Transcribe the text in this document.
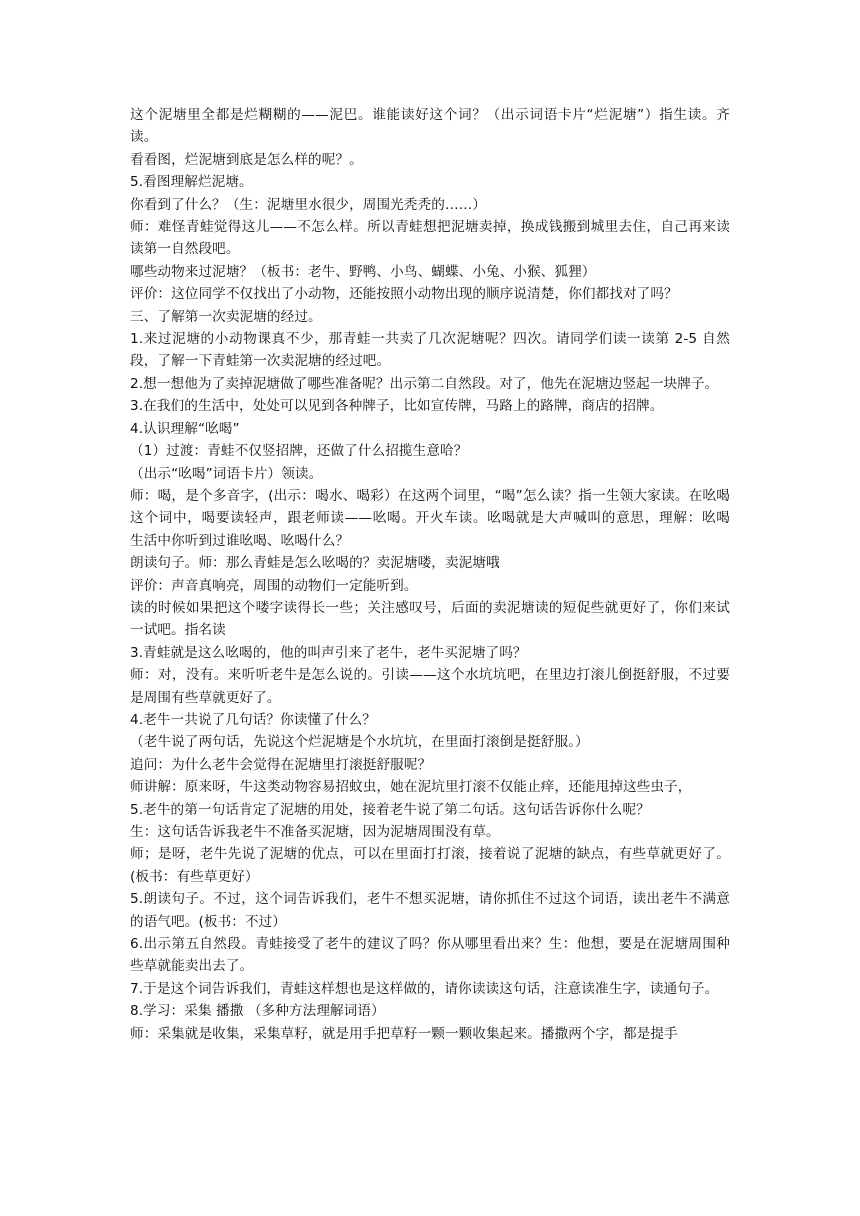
这个泥塘里全都是烂糊糊的——泥巴。谁能读好这个词？（出示词语卡片“烂泥塘”）指生读。齐读。

看看图，烂泥塘到底是怎么样的呢？。

5.看图理解烂泥塘。

你看到了什么？（生：泥塘里水很少，周围光秃秃的……）

师：难怪青蛙觉得这儿——不怎么样。所以青蛙想把泥塘卖掉，换成钱搬到城里去住，自己再来读读第一自然段吧。

哪些动物来过泥塘？（板书：老牛、野鸭、小鸟、蝴蝶、小兔、小猴、狐狸）

评价：这位同学不仅找出了小动物，还能按照小动物出现的顺序说清楚，你们都找对了吗？

三、了解第一次卖泥塘的经过。

1.来过泥塘的小动物课真不少，那青蛙一共卖了几次泥塘呢？四次。请同学们读一读第 2-5 自然段，了解一下青蛙第一次卖泥塘的经过吧。

2.想一想他为了卖掉泥塘做了哪些准备呢？出示第二自然段。对了，他先在泥塘边竖起一块牌子。

3.在我们的生活中，处处可以见到各种牌子，比如宣传牌，马路上的路牌，商店的招牌。

4.认识理解“吆喝”

（1）过渡：青蛙不仅竖招牌，还做了什么招揽生意哈？

（出示“吆喝”词语卡片）领读。

师：喝，是个多音字，(出示：喝水、喝彩）在这两个词里，“喝”怎么读？指一生领大家读。在吆喝这个词中，喝要读轻声，跟老师读——吆喝。开火车读。吆喝就是大声喊叫的意思，理解：吆喝　生活中你听到过谁吆喝、吆喝什么？

朗读句子。师：那么青蛙是怎么吆喝的？卖泥塘喽，卖泥塘哦

评价：声音真响亮，周围的动物们一定能听到。

读的时候如果把这个喽字读得长一些；关注感叹号，后面的卖泥塘读的短促些就更好了，你们来试一试吧。指名读

3.青蛙就是这么吆喝的，他的叫声引来了老牛，老牛买泥塘了吗？

师：对，没有。来听听老牛是怎么说的。引读——这个水坑坑吧，在里边打滚儿倒挺舒服，不过要是周围有些草就更好了。

4.老牛一共说了几句话？你读懂了什么？

（老牛说了两句话，先说这个烂泥塘是个水坑坑，在里面打滚倒是挺舒服。）

追问：为什么老牛会觉得在泥塘里打滚挺舒服呢？

师讲解：原来呀，牛这类动物容易招蚊虫，她在泥坑里打滚不仅能止痒，还能甩掉这些虫子，

5.老牛的第一句话肯定了泥塘的用处，接着老牛说了第二句话。这句话告诉你什么呢？

生：这句话告诉我老牛不准备买泥塘，因为泥塘周围没有草。

师；是呀，老牛先说了泥塘的优点，可以在里面打打滚，接着说了泥塘的缺点，有些草就更好了。(板书：有些草更好）

5.朗读句子。不过，这个词告诉我们，老牛不想买泥塘，请你抓住不过这个词语，读出老牛不满意的语气吧。(板书：不过）

6.出示第五自然段。青蛙接受了老牛的建议了吗？你从哪里看出来？生：他想，要是在泥塘周围种些草就能卖出去了。

7.于是这个词告诉我们，青蛙这样想也是这样做的，请你读读这句话，注意读准生字，读通句子。

8.学习：采集 播撒 （多种方法理解词语）

师：采集就是收集，采集草籽，就是用手把草籽一颗一颗收集起来。播撒两个字，都是提手
